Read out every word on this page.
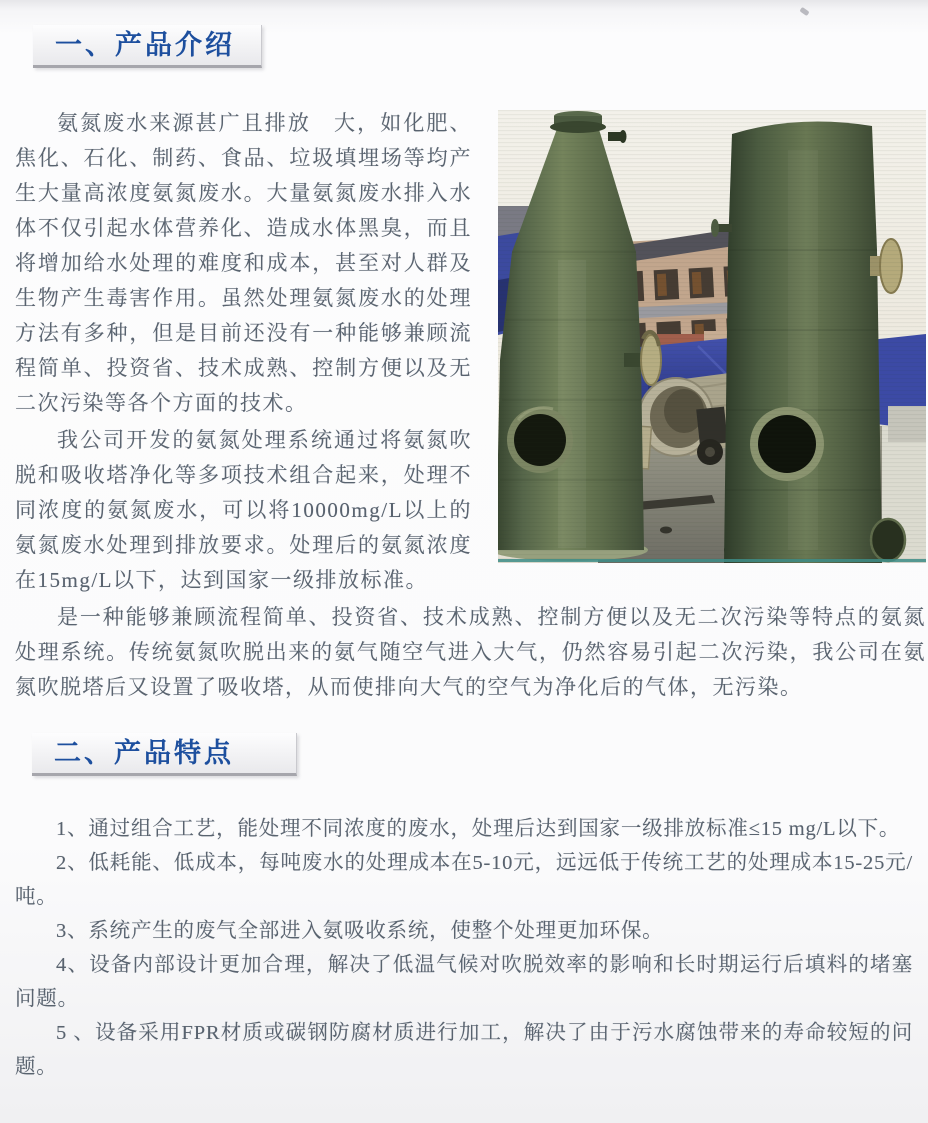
一、产品介绍

氨氮废水来源甚广且排放　大，如化肥、焦化、石化、制药、食品、垃圾填埋场等均产生大量高浓度氨氮废水。大量氨氮废水排入水体不仅引起水体营养化、造成水体黑臭，而且将增加给水处理的难度和成本，甚至对人群及生物产生毒害作用。虽然处理氨氮废水的处理方法有多种，但是目前还没有一种能够兼顾流程简单、投资省、技术成熟、控制方便以及无二次污染等各个方面的技术。

我公司开发的氨氮处理系统通过将氨氮吹脱和吸收塔净化等多项技术组合起来，处理不同浓度的氨氮废水，可以将10000mg/L以上的氨氮废水处理到排放要求。处理后的氨氮浓度在15mg/L以下，达到国家一级排放标准。

是一种能够兼顾流程简单、投资省、技术成熟、控制方便以及无二次污染等特点的氨氮处理系统。传统氨氮吹脱出来的氨气随空气进入大气，仍然容易引起二次污染，我公司在氨氮吹脱塔后又设置了吸收塔，从而使排向大气的空气为净化后的气体，无污染。

二、产品特点

1、通过组合工艺，能处理不同浓度的废水，处理后达到国家一级排放标准≤15 mg/L以下。

2、低耗能、低成本，每吨废水的处理成本在5-10元，远远低于传统工艺的处理成本15-25元/吨。

3、系统产生的废气全部进入氨吸收系统，使整个处理更加环保。

4、设备内部设计更加合理，解决了低温气候对吹脱效率的影响和长时期运行后填料的堵塞问题。

5 、设备采用FPR材质或碳钢防腐材质进行加工，解决了由于污水腐蚀带来的寿命较短的问题。
